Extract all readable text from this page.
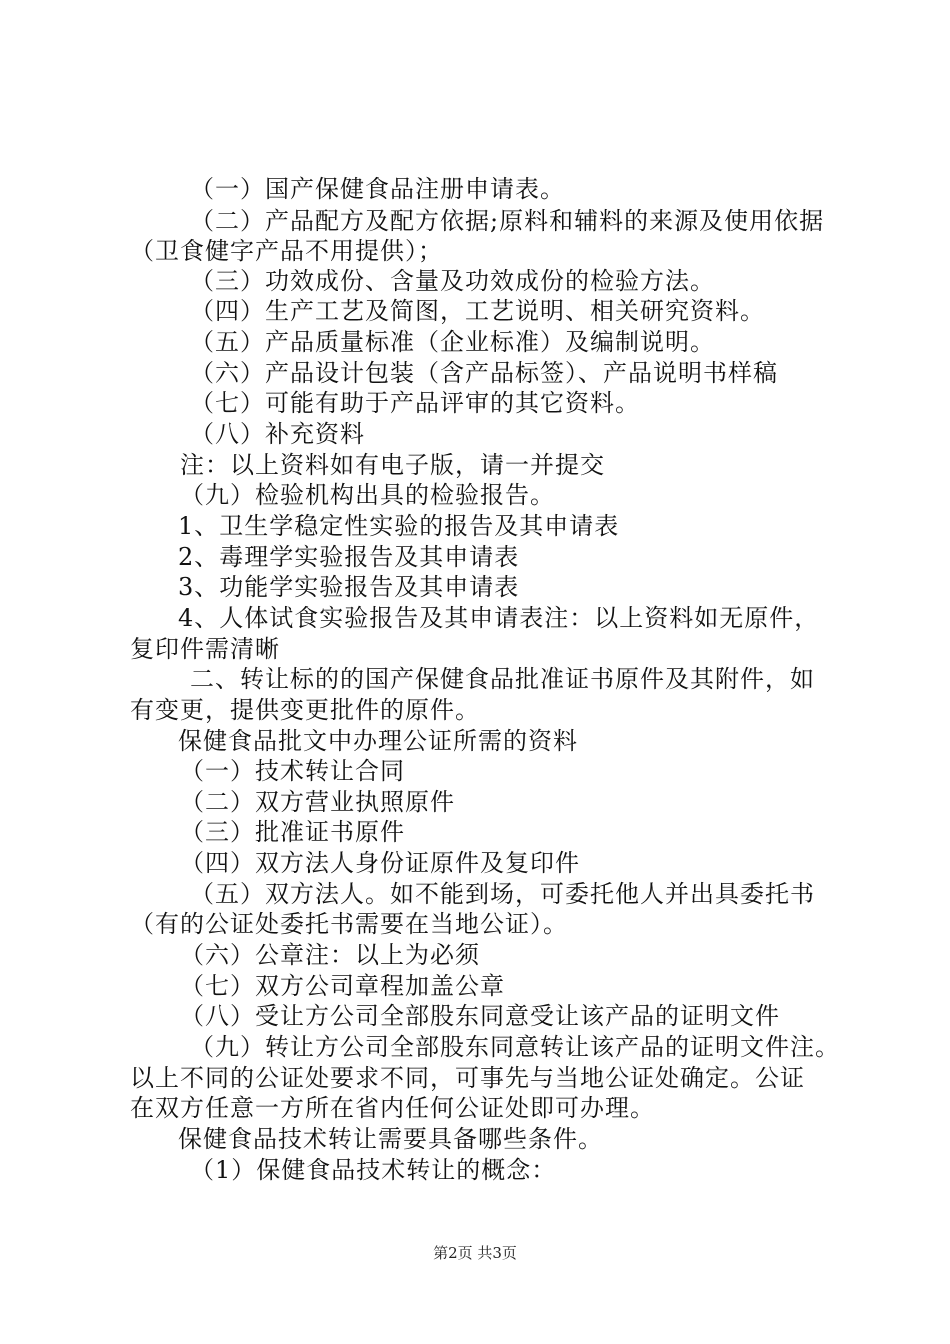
（一）国产保健食品注册申请表。
（二）产品配方及配方依据;原料和辅料的来源及使用依据
（卫食健字产品不用提供）；
（三）功效成份、含量及功效成份的检验方法。
（四）生产工艺及简图，工艺说明、相关研究资料。
（五）产品质量标准（企业标准）及编制说明。
（六）产品设计包装（含产品标签）、产品说明书样稿
（七）可能有助于产品评审的其它资料。
（八）补充资料
注：以上资料如有电子版，请一并提交
（九）检验机构出具的检验报告。
1、卫生学稳定性实验的报告及其申请表
2、毒理学实验报告及其申请表
3、功能学实验报告及其申请表
4、人体试食实验报告及其申请表注：以上资料如无原件，
复印件需清晰
二、转让标的的国产保健食品批准证书原件及其附件，如
有变更，提供变更批件的原件。
保健食品批文中办理公证所需的资料
（一）技术转让合同
（二）双方营业执照原件
（三）批准证书原件
（四）双方法人身份证原件及复印件
（五）双方法人。如不能到场，可委托他人并出具委托书
（有的公证处委托书需要在当地公证）。
（六）公章注：以上为必须
（七）双方公司章程加盖公章
（八）受让方公司全部股东同意受让该产品的证明文件
（九）转让方公司全部股东同意转让该产品的证明文件注。
以上不同的公证处要求不同，可事先与当地公证处确定。公证
在双方任意一方所在省内任何公证处即可办理。
保健食品技术转让需要具备哪些条件。
（1）保健食品技术转让的概念：
第2页 共3页
